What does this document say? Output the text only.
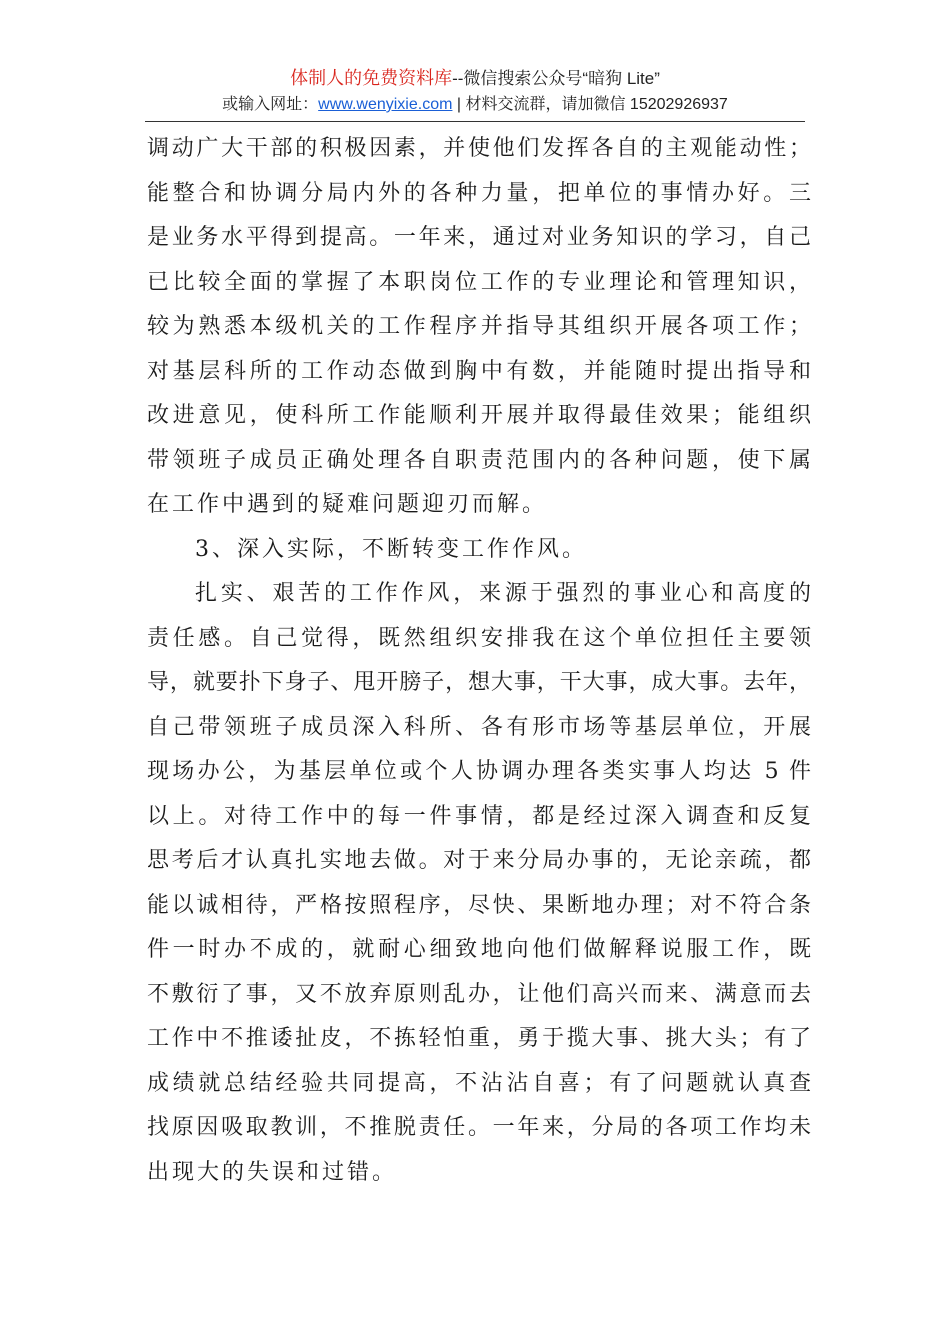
体制人的免费资料库--微信搜索公众号“暗狗 Lite”
或输入网址：www.wenyixie.com | 材料交流群，请加微信 15202926937
调动广大干部的积极因素，并使他们发挥各自的主观能动性；
能整合和协调分局内外的各种力量，把单位的事情办好。三
是业务水平得到提高。一年来，通过对业务知识的学习，自己
已比较全面的掌握了本职岗位工作的专业理论和管理知识，
较为熟悉本级机关的工作程序并指导其组织开展各项工作；
对基层科所的工作动态做到胸中有数，并能随时提出指导和
改进意见，使科所工作能顺利开展并取得最佳效果；能组织
带领班子成员正确处理各自职责范围内的各种问题，使下属
在工作中遇到的疑难问题迎刃而解。
3、深入实际，不断转变工作作风。
扎实、艰苦的工作作风，来源于强烈的事业心和高度的
责任感。自己觉得，既然组织安排我在这个单位担任主要领
导，就要扑下身子、甩开膀子，想大事，干大事，成大事。去年，
自己带领班子成员深入科所、各有形市场等基层单位，开展
现场办公，为基层单位或个人协调办理各类实事人均达 5 件
以上。对待工作中的每一件事情，都是经过深入调查和反复
思考后才认真扎实地去做。对于来分局办事的，无论亲疏，都
能以诚相待，严格按照程序，尽快、果断地办理；对不符合条
件一时办不成的，就耐心细致地向他们做解释说服工作，既
不敷衍了事，又不放弃原则乱办，让他们高兴而来、满意而去
工作中不推诿扯皮，不拣轻怕重，勇于揽大事、挑大头；有了
成绩就总结经验共同提高，不沾沾自喜；有了问题就认真查
找原因吸取教训，不推脱责任。一年来，分局的各项工作均未
出现大的失误和过错。
